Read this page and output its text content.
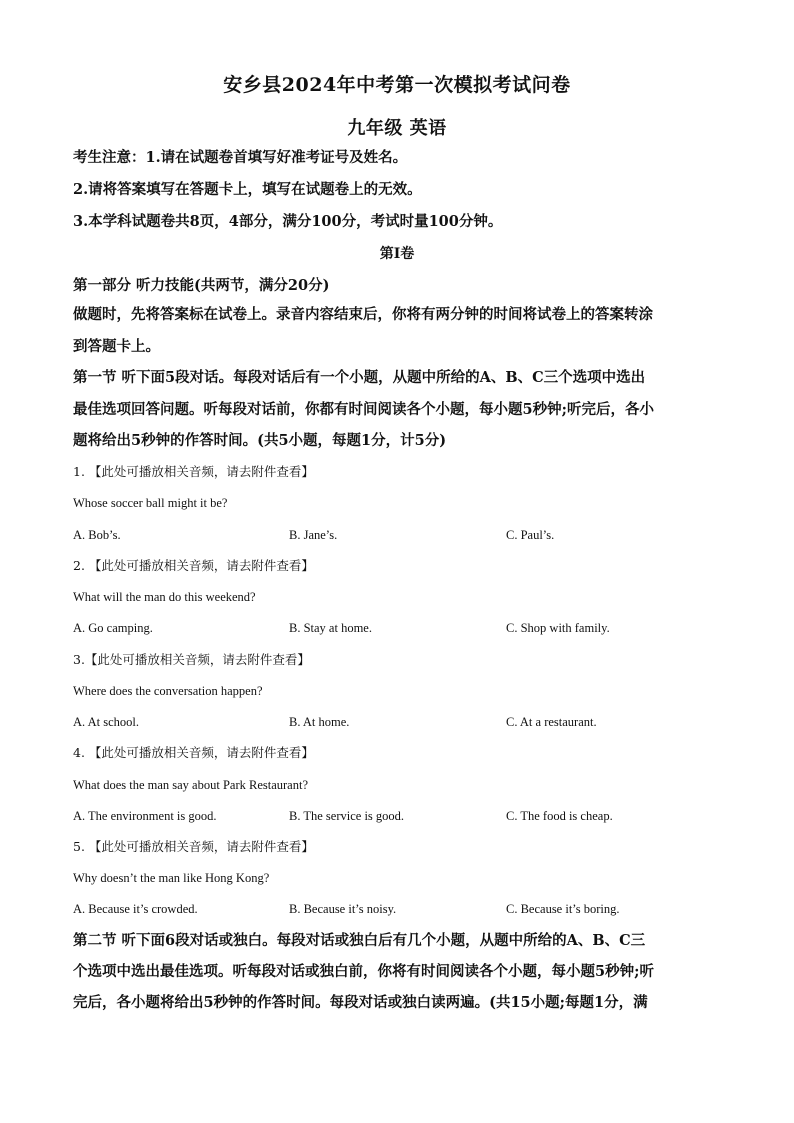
安乡县2024年中考第一次模拟考试问卷
九年级 英语
考生注意：1.请在试题卷首填写好准考证号及姓名。
2.请将答案填写在答题卡上，填写在试题卷上的无效。
3.本学科试题卷共8页，4部分，满分100分，考试时量100分钟。
第Ⅰ卷
第一部分 听力技能(共两节，满分20分)
做题时，先将答案标在试卷上。录音内容结束后，你将有两分钟的时间将试卷上的答案转涂
到答题卡上。
第一节 听下面5段对话。每段对话后有一个小题，从题中所给的A、B、C三个选项中选出
最佳选项回答问题。听每段对话前，你都有时间阅读各个小题，每小题5秒钟;听完后，各小
题将给出5秒钟的作答时间。(共5小题，每题1分，计5分)
1. 【此处可播放相关音频，请去附件查看】
Whose soccer ball might it be?
A. Bob’s.	B. Jane’s.	C. Paul’s.
2. 【此处可播放相关音频，请去附件查看】
What will the man do this weekend?
A. Go camping.	B. Stay at home.	C. Shop with family.
3.【此处可播放相关音频，请去附件查看】
Where does the conversation happen?
A. At school.	B. At home.	C. At a restaurant.
4. 【此处可播放相关音频，请去附件查看】
What does the man say about Park Restaurant?
A. The environment is good.	B. The service is good.	C. The food is cheap.
5. 【此处可播放相关音频，请去附件查看】
Why doesn’t the man like Hong Kong?
A. Because it’s crowded.	B. Because it’s noisy.	C. Because it’s boring.
第二节 听下面6段对话或独白。每段对话或独白后有几个小题，从题中所给的A、B、C三
个选项中选出最佳选项。听每段对话或独白前，你将有时间阅读各个小题，每小题5秒钟;听
完后，各小题将给出5秒钟的作答时间。每段对话或独白读两遍。(共15小题;每题1分，满
